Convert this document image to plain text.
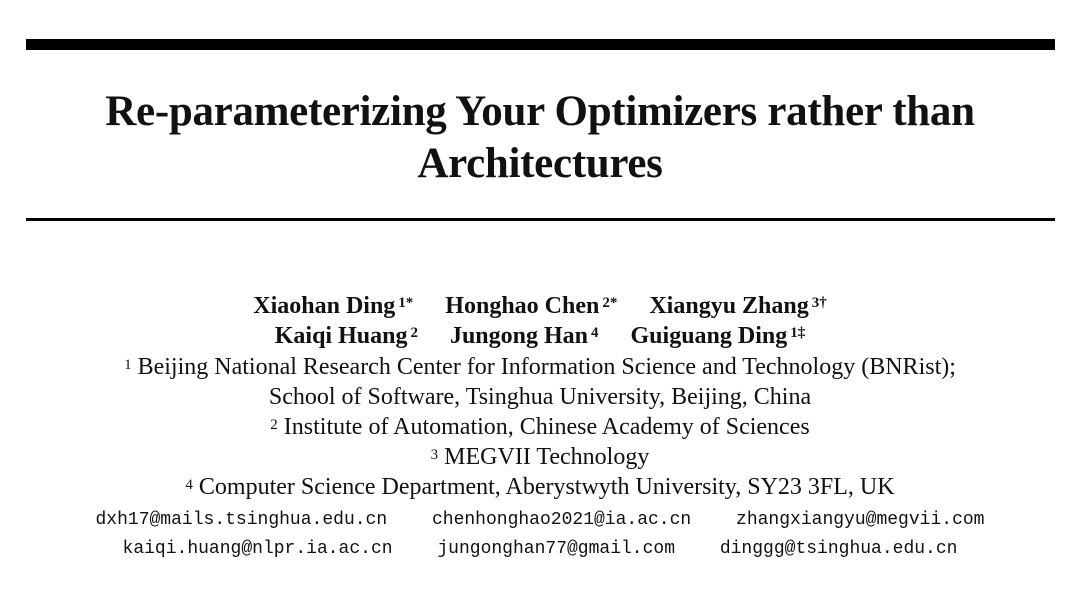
Re-parameterizing Your Optimizers rather than
Architectures
Xiaohan Ding $^{1*}$ Honghao Chen $^{2*}$ Xiangyu Zhang $^{3\dagger}$
Kaiqi Huang $^2$ Jungong Han $^4$ Guiguang Ding $^{1\ddagger}$
$^1$ Beijing National Research Center for Information Science and Technology (BNRist);
School of Software, Tsinghua University, Beijing, China
$^2$ Institute of Automation, Chinese Academy of Sciences
$^3$ MEGVII Technology
$^4$ Computer Science Department, Aberystwyth University, SY23 3FL, UK
dxh17@mails.tsinghua.edu.cn chenhonghao2021@ia.ac.cn zhangxiangyu@megvii.com
kaiqi.huang@nlpr.ia.ac.cn jungonghan77@gmail.com dinggg@tsinghua.edu.cn
